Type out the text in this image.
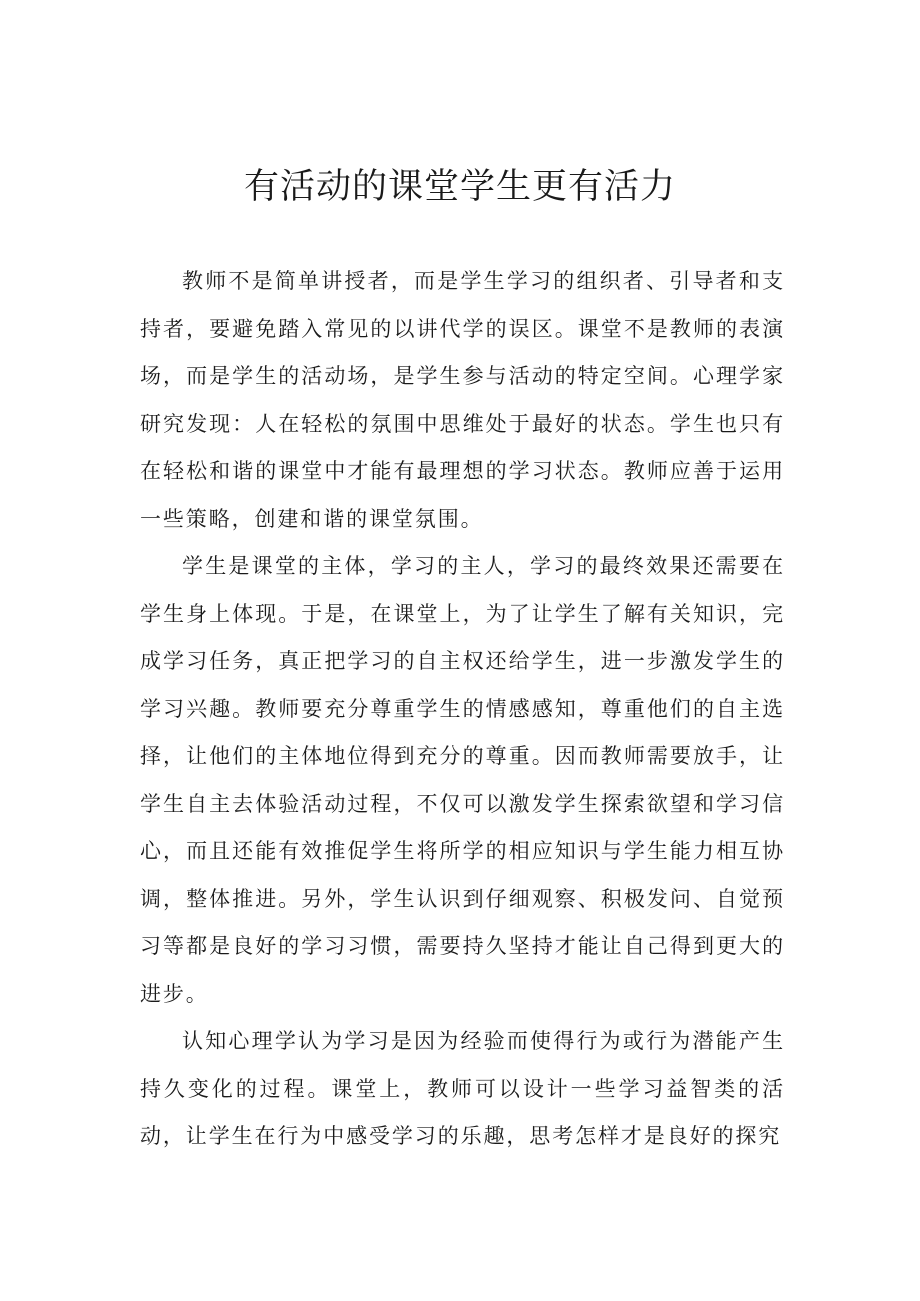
有活动的课堂学生更有活力

教师不是简单讲授者，而是学生学习的组织者、引导者和支持者，要避免踏入常见的以讲代学的误区。课堂不是教师的表演场，而是学生的活动场，是学生参与活动的特定空间。心理学家研究发现：人在轻松的氛围中思维处于最好的状态。学生也只有在轻松和谐的课堂中才能有最理想的学习状态。教师应善于运用一些策略，创建和谐的课堂氛围。

学生是课堂的主体，学习的主人，学习的最终效果还需要在学生身上体现。于是，在课堂上，为了让学生了解有关知识，完成学习任务，真正把学习的自主权还给学生，进一步激发学生的学习兴趣。教师要充分尊重学生的情感感知，尊重他们的自主选择，让他们的主体地位得到充分的尊重。因而教师需要放手，让学生自主去体验活动过程，不仅可以激发学生探索欲望和学习信心，而且还能有效推促学生将所学的相应知识与学生能力相互协调，整体推进。另外，学生认识到仔细观察、积极发问、自觉预习等都是良好的学习习惯，需要持久坚持才能让自己得到更大的进步。

认知心理学认为学习是因为经验而使得行为或行为潜能产生持久变化的过程。课堂上，教师可以设计一些学习益智类的活动，让学生在行为中感受学习的乐趣，思考怎样才是良好的探究
